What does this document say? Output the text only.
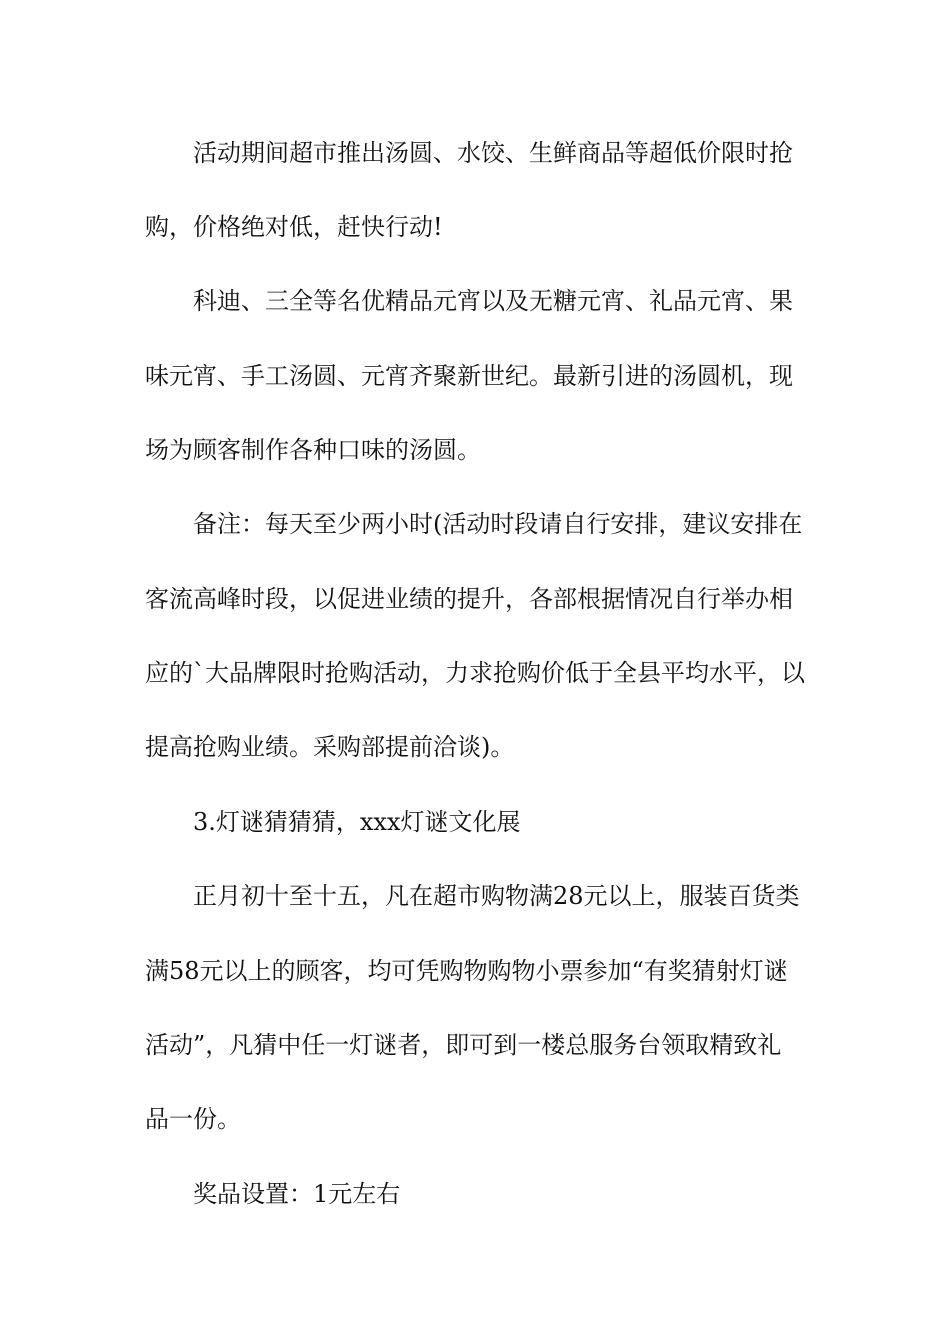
活动期间超市推出汤圆、水饺、生鲜商品等超低价限时抢
购，价格绝对低，赶快行动!
科迪、三全等名优精品元宵以及无糖元宵、礼品元宵、果
味元宵、手工汤圆、元宵齐聚新世纪。最新引进的汤圆机，现
场为顾客制作各种口味的汤圆。
备注：每天至少两小时(活动时段请自行安排，建议安排在
客流高峰时段，以促进业绩的提升，各部根据情况自行举办相
应的`大品牌限时抢购活动，力求抢购价低于全县平均水平，以
提高抢购业绩。采购部提前洽谈)。
3.灯谜猜猜猜，xxx灯谜文化展
正月初十至十五，凡在超市购物满28元以上，服装百货类
满58元以上的顾客，均可凭购物购物小票参加“有奖猜射灯谜
活动”，凡猜中任一灯谜者，即可到一楼总服务台领取精致礼
品一份。
奖品设置：1元左右
